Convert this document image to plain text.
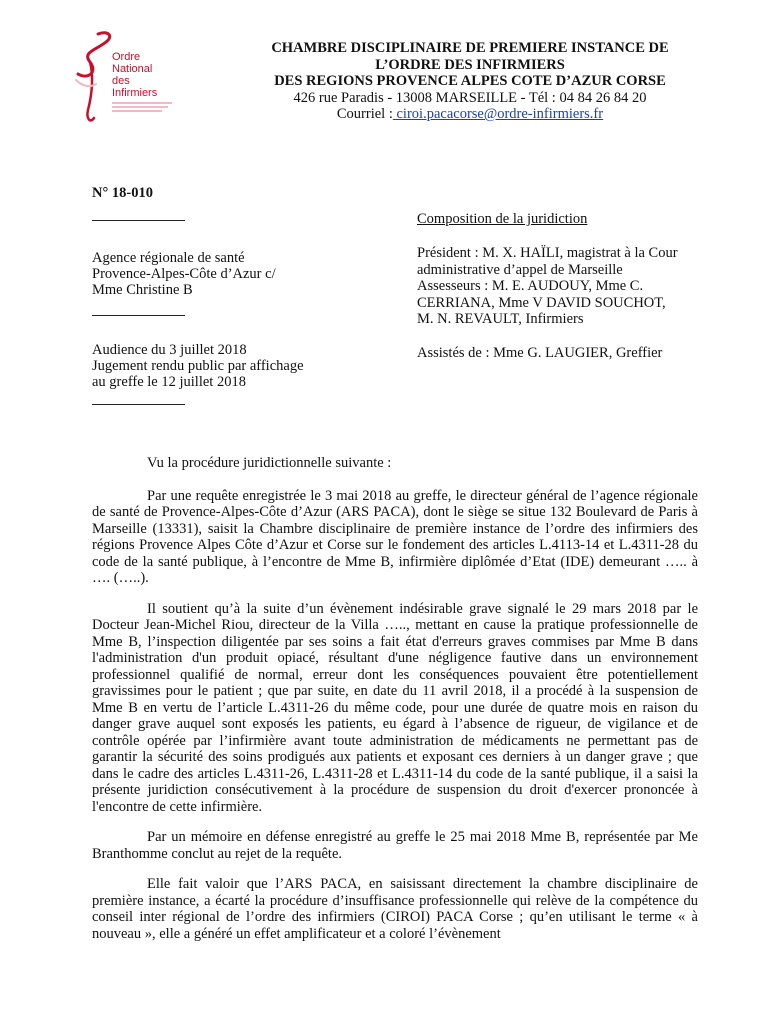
Ordre
National
des
Infirmiers
CHAMBRE DISCIPLINAIRE DE PREMIERE INSTANCE DE
L’ORDRE DES INFIRMIERS
DES REGIONS PROVENCE ALPES COTE D’AZUR CORSE
426 rue Paradis - 13008 MARSEILLE - Tél : 04 84 26 84 20
Courriel : ciroi.pacacorse@ordre-infirmiers.fr
N° 18-010
Agence régionale de santé
Provence-Alpes-Côte d’Azur c/
Mme Christine B
Audience du 3 juillet 2018
Jugement rendu public par affichage
au greffe le 12 juillet 2018
Composition de la juridiction
Président : M. X. HAÏLI, magistrat à la Cour
administrative d’appel de Marseille
Assesseurs : M. E. AUDOUY, Mme C.
CERRIANA, Mme V DAVID SOUCHOT,
M. N. REVAULT, Infirmiers
Assistés de : Mme G. LAUGIER, Greffier

Vu la procédure juridictionnelle suivante :

Par une requête enregistrée le 3 mai 2018 au greffe, le directeur général de l’agence régionale de santé de Provence-Alpes-Côte d’Azur (ARS PACA), dont le siège se situe 132 Boulevard de Paris à Marseille (13331), saisit la Chambre disciplinaire de première instance de l’ordre des infirmiers des régions Provence Alpes Côte d’Azur et Corse sur le fondement des articles L.4113-14 et L.4311-28 du code de la santé publique, à l’encontre de Mme B, infirmière diplômée d’Etat (IDE) demeurant ….. à …. (…..).

Il soutient qu’à la suite d’un évènement indésirable grave signalé le 29 mars 2018 par le Docteur Jean-Michel Riou, directeur de la Villa ….., mettant en cause la pratique professionnelle de Mme B, l’inspection diligentée par ses soins a fait état d'erreurs graves commises par Mme B dans l'administration d'un produit opiacé, résultant d'une négligence fautive dans un environnement professionnel qualifié de normal, erreur dont les conséquences pouvaient être potentiellement gravissimes pour le patient ; que par suite, en date du 11 avril 2018, il a procédé à la suspension de Mme B en vertu de l’article L.4311-26 du même code, pour une durée de quatre mois en raison du danger grave auquel sont exposés les patients, eu égard à l’absence de rigueur, de vigilance et de contrôle opérée par l’infirmière avant toute administration de médicaments ne permettant pas de garantir la sécurité des soins prodigués aux patients et exposant ces derniers à un danger grave ; que dans le cadre des articles L.4311-26, L.4311-28 et L.4311-14 du code de la santé publique, il a saisi la présente juridiction consécutivement à la procédure de suspension du droit d'exercer prononcée à l'encontre de cette infirmière.

Par un mémoire en défense enregistré au greffe le 25 mai 2018 Mme B, représentée par Me Branthomme conclut au rejet de la requête.

Elle fait valoir que l’ARS PACA, en saisissant directement la chambre disciplinaire de première instance, a écarté la procédure d’insuffisance professionnelle qui relève de la compétence du conseil inter régional de l’ordre des infirmiers (CIROI) PACA Corse ; qu’en utilisant le terme « à nouveau », elle a généré un effet amplificateur et a coloré l’évènement
